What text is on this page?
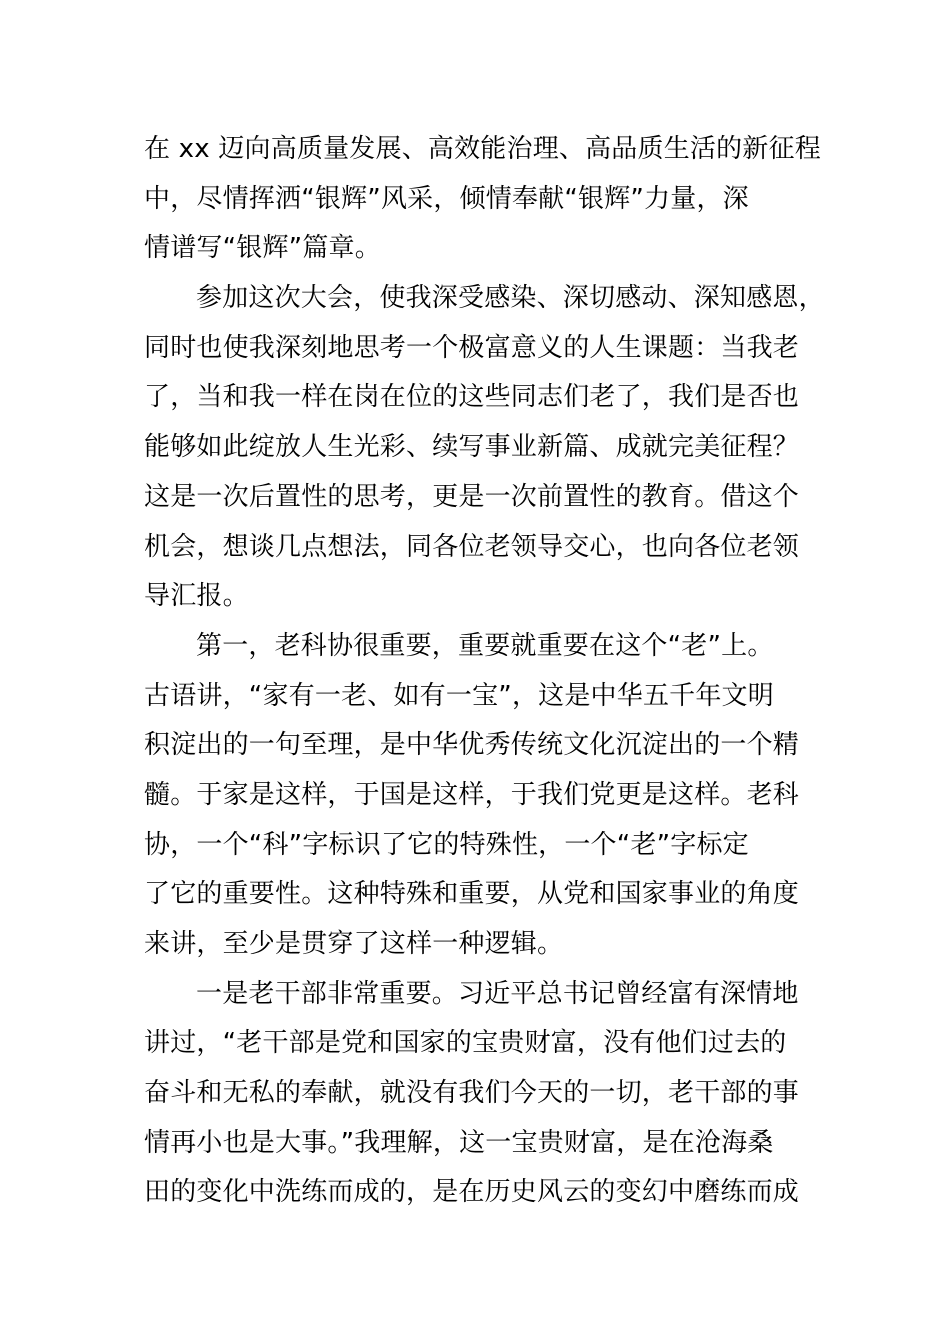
在 xx 迈向高质量发展、高效能治理、高品质生活的新征程
中，尽情挥洒“银辉”风采，倾情奉献“银辉”力量，深
情谱写“银辉”篇章。
参加这次大会，使我深受感染、深切感动、深知感恩，
同时也使我深刻地思考一个极富意义的人生课题：当我老
了，当和我一样在岗在位的这些同志们老了，我们是否也
能够如此绽放人生光彩、续写事业新篇、成就完美征程？
这是一次后置性的思考，更是一次前置性的教育。借这个
机会，想谈几点想法，同各位老领导交心，也向各位老领
导汇报。
第一，老科协很重要，重要就重要在这个“老”上。
古语讲，“家有一老、如有一宝”，这是中华五千年文明
积淀出的一句至理，是中华优秀传统文化沉淀出的一个精
髓。于家是这样，于国是这样，于我们党更是这样。老科
协，一个“科”字标识了它的特殊性，一个“老”字标定
了它的重要性。这种特殊和重要，从党和国家事业的角度
来讲，至少是贯穿了这样一种逻辑。
一是老干部非常重要。习近平总书记曾经富有深情地
讲过，“老干部是党和国家的宝贵财富，没有他们过去的
奋斗和无私的奉献，就没有我们今天的一切，老干部的事
情再小也是大事。”我理解，这一宝贵财富，是在沧海桑
田的变化中洗练而成的，是在历史风云的变幻中磨练而成
